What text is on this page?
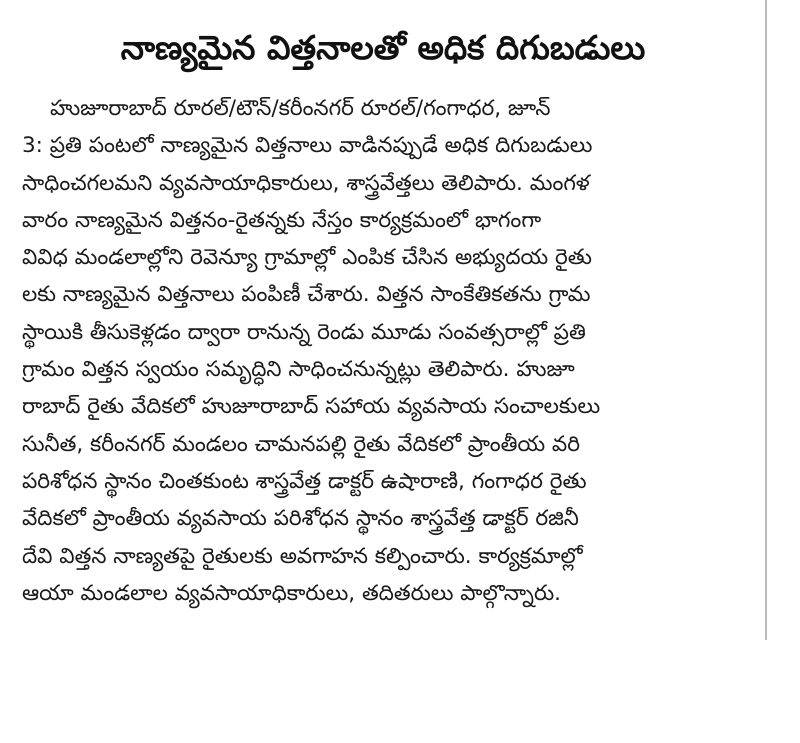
నాణ్యమైన విత్తనాలతో అధిక దిగుబడులు
హుజూరాబాద్ రూరల్/టౌన్/కరీంనగర్ రూరల్/గంగాధర, జూన్
3: ప్రతి పంటలో నాణ్యమైన విత్తనాలు వాడినప్పుడే అధిక దిగుబడులు
సాధించగలమని వ్యవసాయాధికారులు, శాస్త్రవేత్తలు తెలిపారు. మంగళ
వారం నాణ్యమైన విత్తనం-రైతన్నకు నేస్తం కార్యక్రమంలో భాగంగా
వివిధ మండలాల్లోని రెవెన్యూ గ్రామాల్లో ఎంపిక చేసిన అభ్యుదయ రైతు
లకు నాణ్యమైన విత్తనాలు పంపిణీ చేశారు. విత్తన సాంకేతికతను గ్రామ
స్థాయికి తీసుకెళ్లడం ద్వారా రానున్న రెండు మూడు సంవత్సరాల్లో ప్రతి
గ్రామం విత్తన స్వయం సమృద్ధిని సాధించనున్నట్లు తెలిపారు. హుజూ
రాబాద్ రైతు వేదికలో హుజూరాబాద్ సహాయ వ్యవసాయ సంచాలకులు
సునీత, కరీంనగర్ మండలం చామనపల్లి రైతు వేదికలో ప్రాంతీయ వరి
పరిశోధన స్థానం చింతకుంట శాస్త్రవేత్త డాక్టర్ ఉషారాణి, గంగాధర రైతు
వేదికలో ప్రాంతీయ వ్యవసాయ పరిశోధన స్థానం శాస్త్రవేత్త డాక్టర్ రజినీ
దేవి విత్తన నాణ్యతపై రైతులకు అవగాహన కల్పించారు. కార్యక్రమాల్లో
ఆయా మండలాల వ్యవసాయాధికారులు, తదితరులు పాల్గొన్నారు.
